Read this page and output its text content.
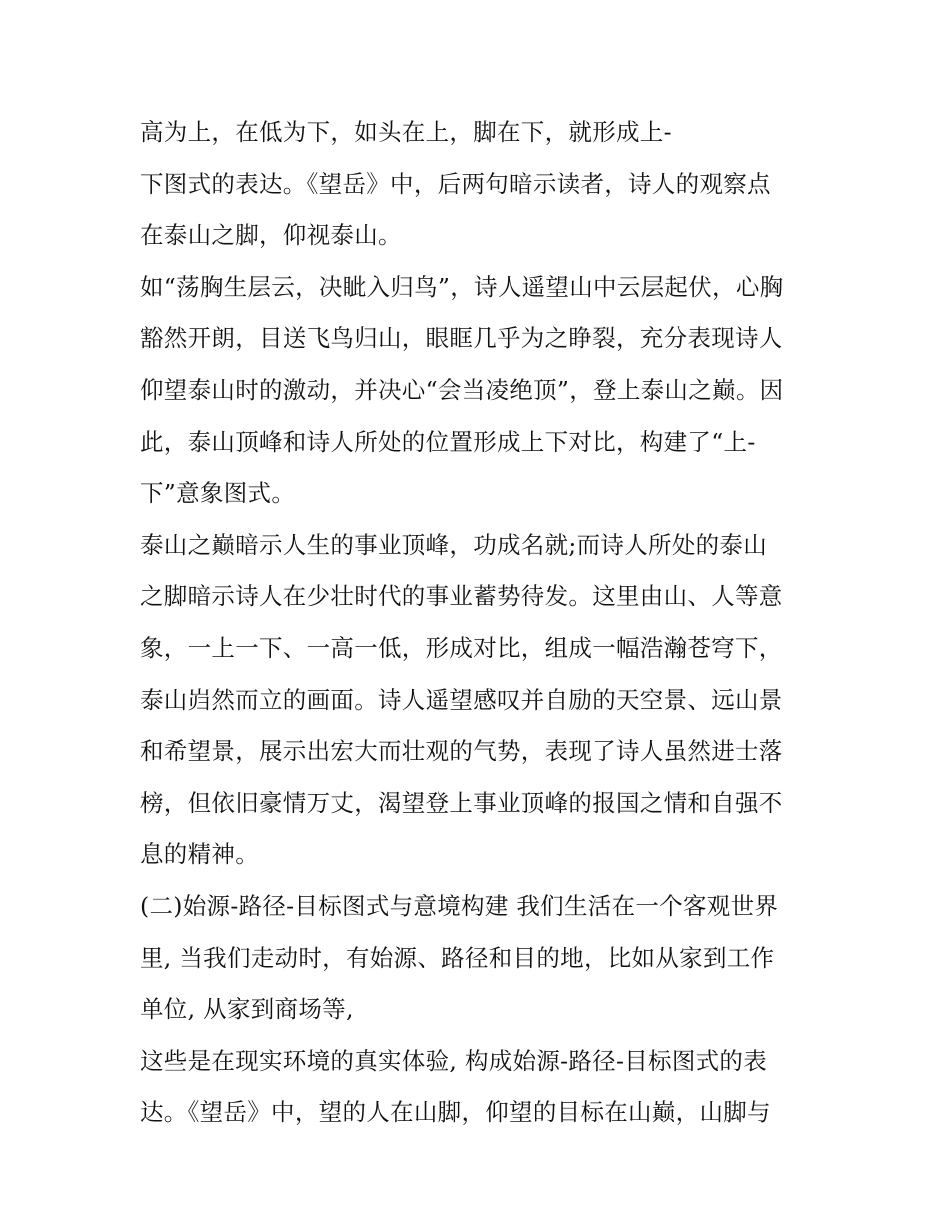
高为上，在低为下，如头在上，脚在下，就形成上-
下图式的表达。《望岳》中，后两句暗示读者，诗人的观察点
在泰山之脚，仰视泰山。
如“荡胸生层云，决眦入归鸟”，诗人遥望山中云层起伏，心胸
豁然开朗，目送飞鸟归山，眼眶几乎为之睁裂，充分表现诗人
仰望泰山时的激动，并决心“会当凌绝顶”，登上泰山之巅。因
此，泰山顶峰和诗人所处的位置形成上下对比，构建了“上-
下”意象图式。
泰山之巅暗示人生的事业顶峰，功成名就;而诗人所处的泰山
之脚暗示诗人在少壮时代的事业蓄势待发。这里由山、人等意
象，一上一下、一高一低，形成对比，组成一幅浩瀚苍穹下，
泰山岿然而立的画面。诗人遥望感叹并自励的天空景、远山景
和希望景，展示出宏大而壮观的气势，表现了诗人虽然进士落
榜，但依旧豪情万丈，渴望登上事业顶峰的报国之情和自强不
息的精神。
(二)始源-路径-目标图式与意境构建 我们生活在一个客观世界
里, 当我们走动时，有始源、路径和目的地，比如从家到工作
单位, 从家到商场等,
这些是在现实环境的真实体验, 构成始源-路径-目标图式的表
达。《望岳》中，望的人在山脚，仰望的目标在山巅，山脚与
